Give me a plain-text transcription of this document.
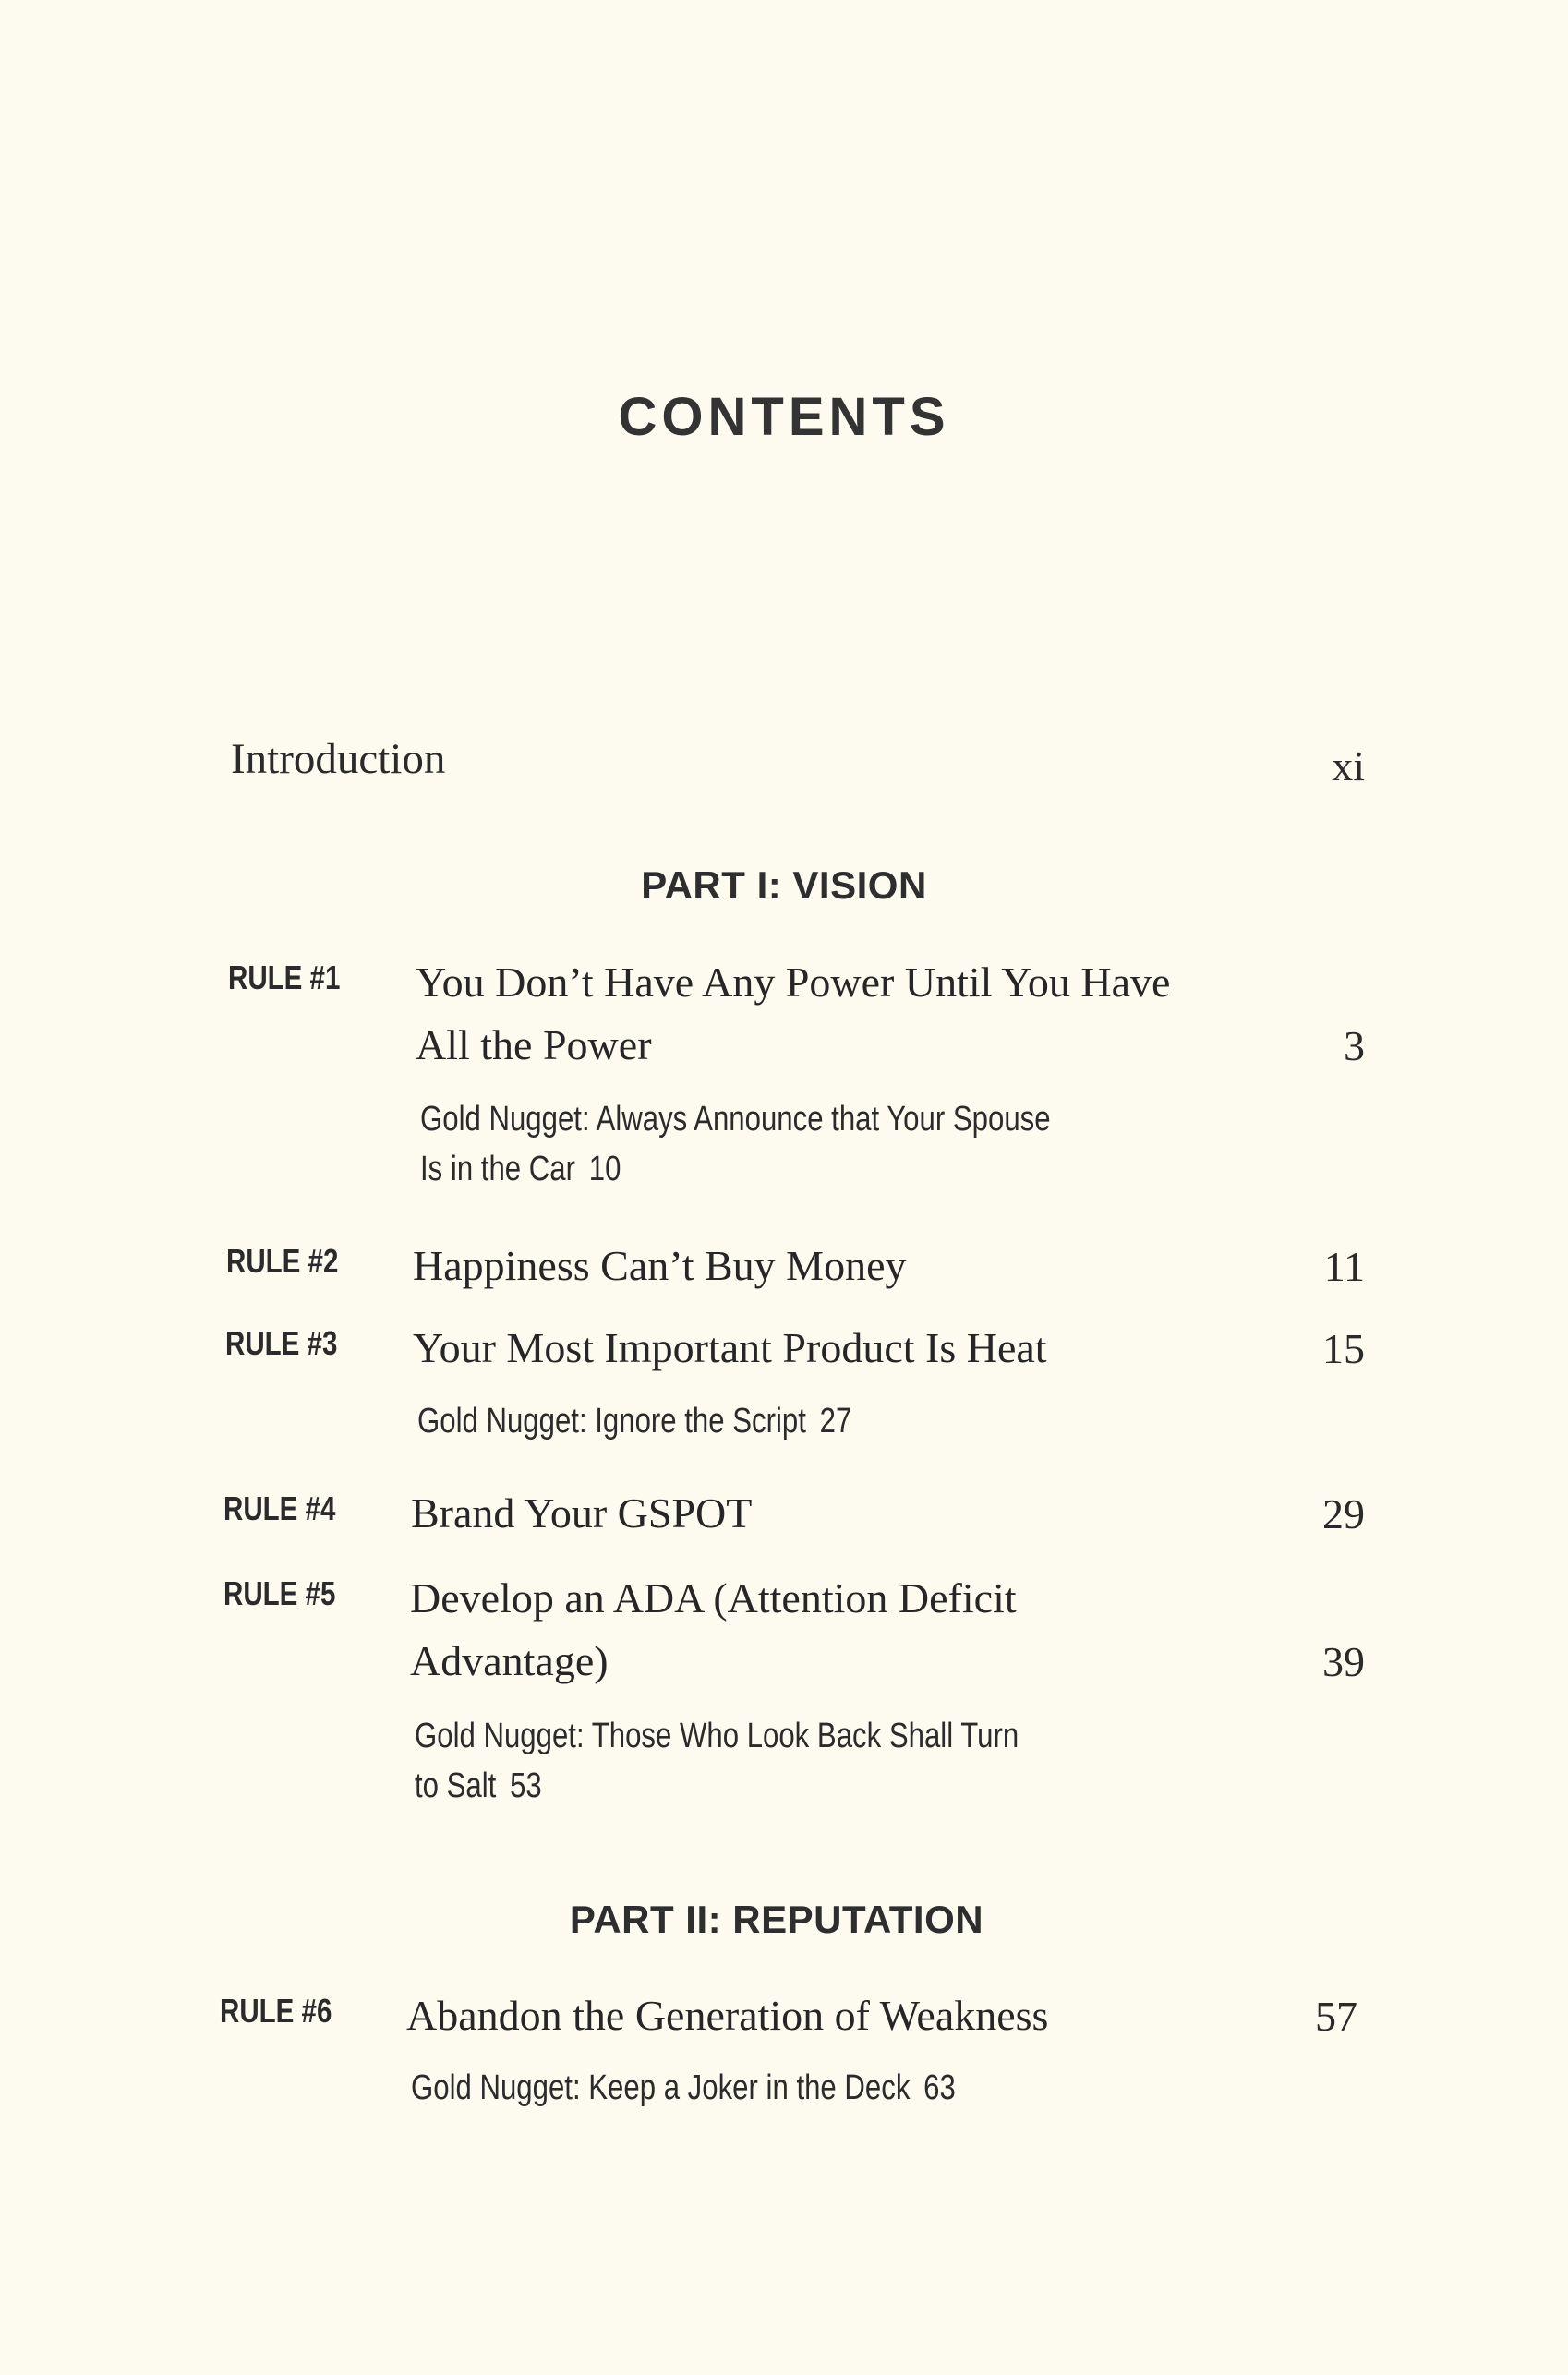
CONTENTS
Introduction	xi
PART I: VISION
RULE #1 You Don’t Have Any Power Until You Have
All the Power	3
Gold Nugget: Always Announce that Your Spouse
Is in the Car 10
RULE #2 Happiness Can’t Buy Money	11
RULE #3 Your Most Important Product Is Heat	15
Gold Nugget: Ignore the Script 27
RULE #4 Brand Your GSPOT	29
RULE #5 Develop an ADA (Attention Deficit
Advantage)	39
Gold Nugget: Those Who Look Back Shall Turn
to Salt 53
PART II: REPUTATION
RULE #6 Abandon the Generation of Weakness	57
Gold Nugget: Keep a Joker in the Deck 63
